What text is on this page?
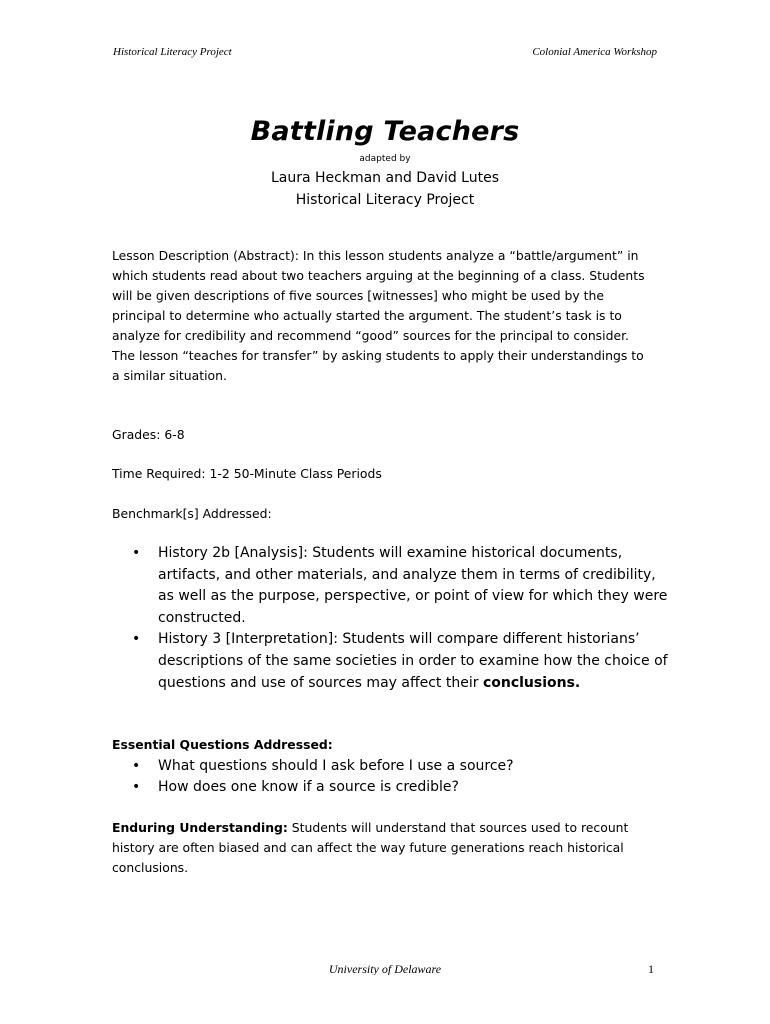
Historical Literacy Project	Colonial America Workshop
Battling Teachers
adapted by
Laura Heckman and David Lutes
Historical Literacy Project
Lesson Description (Abstract): In this lesson students analyze a “battle/argument” in which students read about two teachers arguing at the beginning of a class. Students will be given descriptions of five sources [witnesses] who might be used by the principal to determine who actually started the argument. The student’s task is to analyze for credibility and recommend “good” sources for the principal to consider. The lesson “teaches for transfer” by asking students to apply their understandings to a similar situation.
Grades: 6-8
Time Required: 1-2 50-Minute Class Periods
Benchmark[s] Addressed:
• History 2b [Analysis]: Students will examine historical documents, artifacts, and other materials, and analyze them in terms of credibility, as well as the purpose, perspective, or point of view for which they were constructed.
• History 3 [Interpretation]: Students will compare different historians’ descriptions of the same societies in order to examine how the choice of questions and use of sources may affect their conclusions.
Essential Questions Addressed:
• What questions should I ask before I use a source?
• How does one know if a source is credible?
Enduring Understanding: Students will understand that sources used to recount history are often biased and can affect the way future generations reach historical conclusions.
University of Delaware	1
